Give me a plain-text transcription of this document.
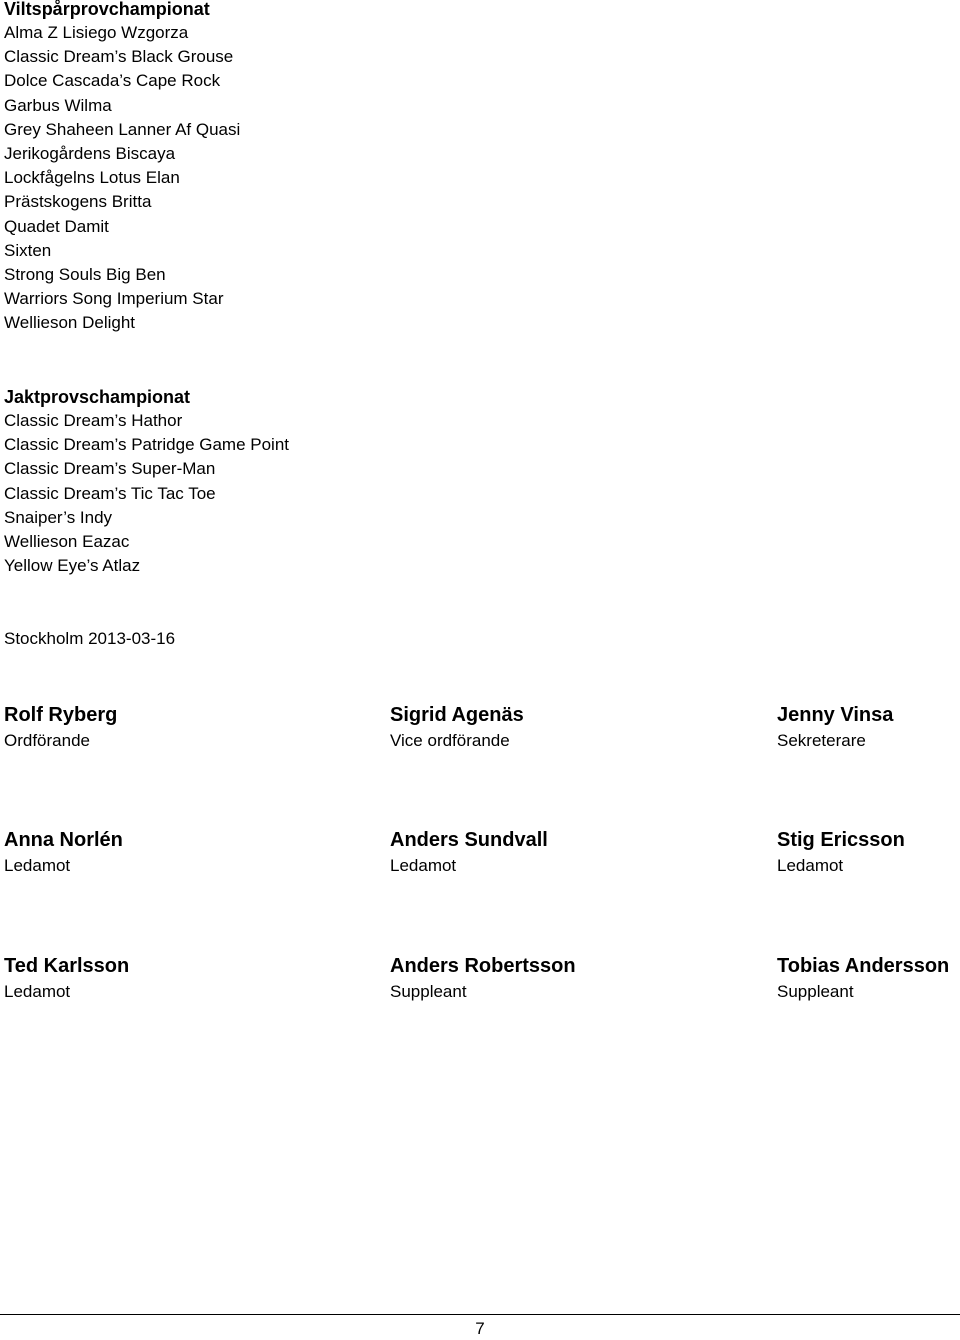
Viltspårprovchampionat
Alma Z Lisiego Wzgorza
Classic Dream’s Black Grouse
Dolce Cascada’s Cape Rock
Garbus Wilma
Grey Shaheen Lanner Af Quasi
Jerikogårdens Biscaya
Lockfågelns Lotus Elan
Prästskogens Britta
Quadet Damit
Sixten
Strong Souls Big Ben
Warriors Song Imperium Star
Wellieson Delight
Jaktprovschampionat
Classic Dream’s Hathor
Classic Dream’s Patridge Game Point
Classic Dream’s Super-Man
Classic Dream’s Tic Tac Toe
Snaiper’s Indy
Wellieson Eazac
Yellow Eye’s Atlaz
Stockholm 2013-03-16
Rolf Ryberg
Ordförande
Sigrid Agenäs
Vice ordförande
Jenny Vinsa
Sekreterare
Anna Norlén
Ledamot
Anders Sundvall
Ledamot
Stig Ericsson
Ledamot
Ted Karlsson
Ledamot
Anders Robertsson
Suppleant
Tobias Andersson
Suppleant
7
